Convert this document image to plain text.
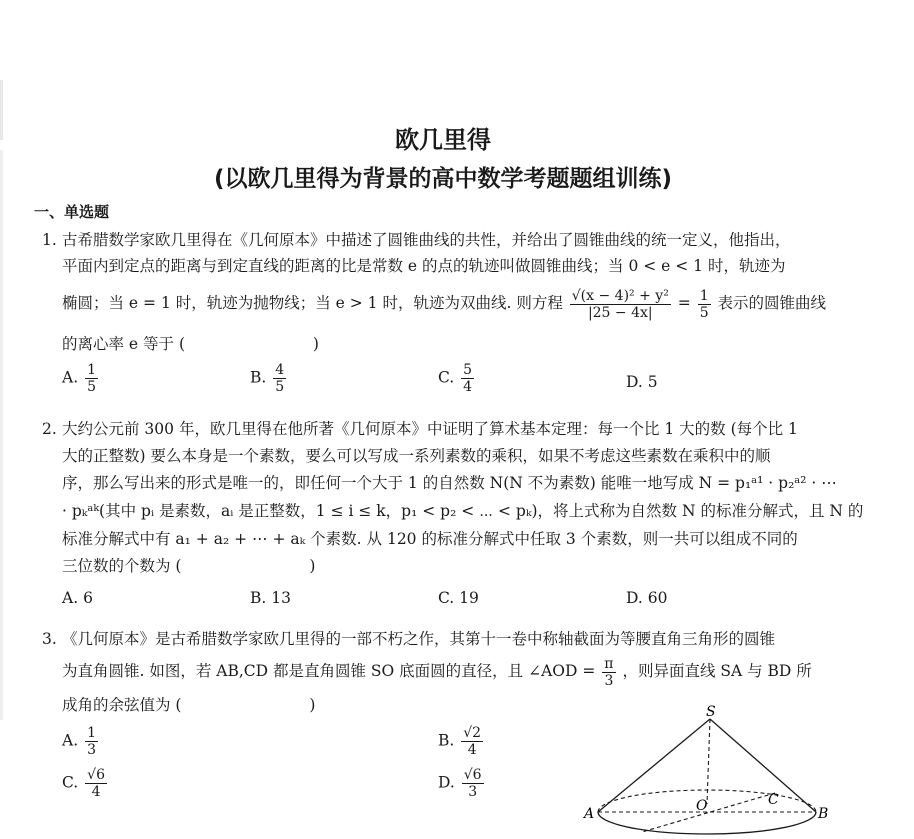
欧几里得
(以欧几里得为背景的高中数学考题题组训练)
一、单选题
1. 古希腊数学家欧几里得在《几何原本》中描述了圆锥曲线的共性，并给出了圆锥曲线的统一定义，他指出，
平面内到定点的距离与到定直线的距离的比是常数 e 的点的轨迹叫做圆锥曲线；当 0 < e < 1 时，轨迹为
椭圆；当 e = 1 时，轨迹为抛物线；当 e > 1 时，轨迹为双曲线. 则方程 $\frac{\text{√(x − 4)² + y²}}{|25 - 4x|} = \frac{1}{5}$ 表示的圆锥曲线
的离心率 e 等于 (	)
A. $\frac{1}{5}$	B. $\frac{4}{5}$	C. $\frac{5}{4}$	D. 5
2. 大约公元前 300 年，欧几里得在他所著《几何原本》中证明了算术基本定理：每一个比 1 大的数 (每个比 1
大的正整数) 要么本身是一个素数，要么可以写成一系列素数的乘积，如果不考虑这些素数在乘积中的顺
序，那么写出来的形式是唯一的，即任何一个大于 1 的自然数 N(N 不为素数) 能唯一地写成 N = p₁ᵃ¹ · p₂ᵃ² · ⋯
· pₖᵃᵏ(其中 pᵢ 是素数，aᵢ 是正整数，1 ≤ i ≤ k，p₁ < p₂ < ⋯ < pₖ)，将上式称为自然数 N 的标准分解式，且 N 的
标准分解式中有 a₁ + a₂ + ⋯ + aₖ 个素数. 从 120 的标准分解式中任取 3 个素数，则一共可以组成不同的
三位数的个数为 (	)
A. 6	B. 13	C. 19	D. 60
3. 《几何原本》是古希腊数学家欧几里得的一部不朽之作，其第十一卷中称轴截面为等腰直角三角形的圆锥
为直角圆锥. 如图，若 AB,CD 都是直角圆锥 SO 底面圆的直径，且 ∠AOD = $\frac{\pi}{3}$ ，则异面直线 SA 与 BD 所
成角的余弦值为 (	)
A. $\frac{1}{3}$	B. $\frac{√2}{4}$
C. $\frac{√6}{4}$	D. $\frac{√6}{3}$
S
O	C
A	B
